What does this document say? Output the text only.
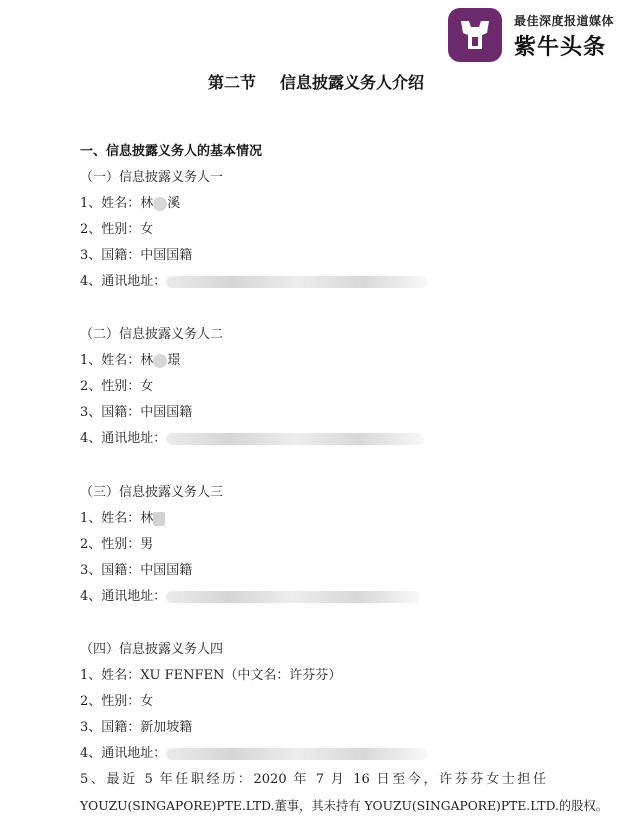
最佳深度报道媒体
紫牛头条
第二节 信息披露义务人介绍
一、信息披露义务人的基本情况
（一）信息披露义务人一
1、姓名：林 溪
2、性别：女
3、国籍：中国国籍
4、通讯地址：
（二）信息披露义务人二
1、姓名：林 璟
2、性别：女
3、国籍：中国国籍
4、通讯地址：
（三）信息披露义务人三
1、姓名：林
2、性别：男
3、国籍：中国国籍
4、通讯地址：
（四）信息披露义务人四
1、姓名：XU FENFEN（中文名：许芬芬）
2、性别：女
3、国籍：新加坡籍
4、通讯地址：
5、最近 5 年任职经历：2020 年 7 月 16 日至今，许芬芬女士担任
YOUZU(SINGAPORE)PTE.LTD.董事，其未持有 YOUZU(SINGAPORE)PTE.LTD.的股权。
